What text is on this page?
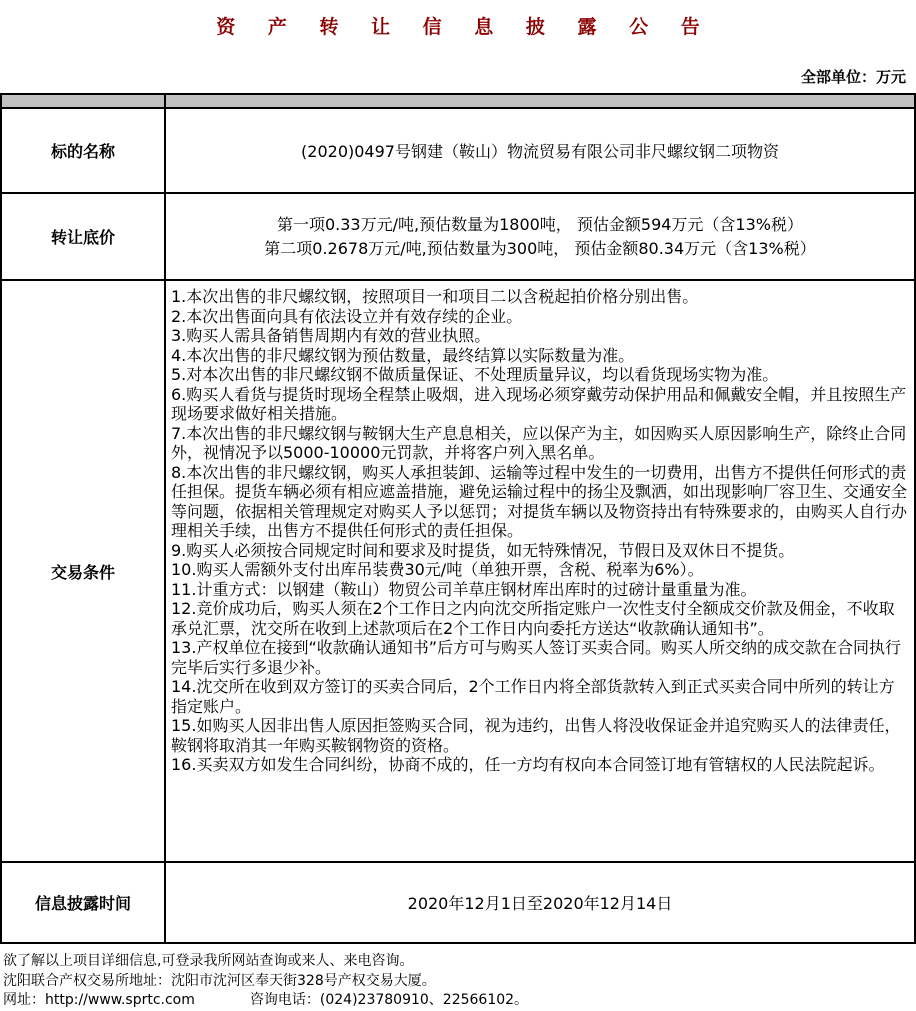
资 产 转 让 信 息 披 露 公 告
全部单位：万元

标的名称	(2020)0497号钢建（鞍山）物流贸易有限公司非尺螺纹钢二项物资
转让底价	第一项0.33万元/吨,预估数量为1800吨， 预估金额594万元（含13%税）
第二项0.2678万元/吨,预估数量为300吨， 预估金额80.34万元（含13%税）

交易条件	
1.本次出售的非尺螺纹钢，按照项目一和项目二以含税起拍价格分别出售。
2.本次出售面向具有依法设立并有效存续的企业。
3.购买人需具备销售周期内有效的营业执照。
4.本次出售的非尺螺纹钢为预估数量，最终结算以实际数量为准。
5.对本次出售的非尺螺纹钢不做质量保证、不处理质量异议，均以看货现场实物为准。
6.购买人看货与提货时现场全程禁止吸烟，进入现场必须穿戴劳动保护用品和佩戴安全帽，并且按照生产现场要求做好相关措施。
7.本次出售的非尺螺纹钢与鞍钢大生产息息相关，应以保产为主，如因购买人原因影响生产，除终止合同外，视情况予以5000-10000元罚款，并将客户列入黑名单。
8.本次出售的非尺螺纹钢，购买人承担装卸、运输等过程中发生的一切费用，出售方不提供任何形式的责任担保。提货车辆必须有相应遮盖措施，避免运输过程中的扬尘及飘洒，如出现影响厂容卫生、交通安全等问题，依据相关管理规定对购买人予以惩罚；对提货车辆以及物资持出有特殊要求的，由购买人自行办理相关手续，出售方不提供任何形式的责任担保。
9.购买人必须按合同规定时间和要求及时提货，如无特殊情况，节假日及双休日不提货。
10.购买人需额外支付出库吊装费30元/吨（单独开票，含税、税率为6%）。
11.计重方式：以钢建（鞍山）物贸公司羊草庄钢材库出库时的过磅计量重量为准。
12.竞价成功后，购买人须在2个工作日之内向沈交所指定账户一次性支付全额成交价款及佣金，不收取承兑汇票，沈交所在收到上述款项后在2个工作日内向委托方送达“收款确认通知书”。
13.产权单位在接到“收款确认通知书”后方可与购买人签订买卖合同。购买人所交纳的成交款在合同执行完毕后实行多退少补。
14.沈交所在收到双方签订的买卖合同后，2个工作日内将全部货款转入到正式买卖合同中所列的转让方指定账户。
15.如购买人因非出售人原因拒签购买合同，视为违约，出售人将没收保证金并追究购买人的法律责任，鞍钢将取消其一年购买鞍钢物资的资格。
16.买卖双方如发生合同纠纷，协商不成的，任一方均有权向本合同签订地有管辖权的人民法院起诉。

信息披露时间	2020年12月1日至2020年12月14日
欲了解以上项目详细信息,可登录我所网站查询或来人、来电咨询。
沈阳联合产权交易所地址：沈阳市沈河区奉天街328号产权交易大厦。
网址：http://www.sprtc.com	咨询电话：(024)23780910、22566102。
